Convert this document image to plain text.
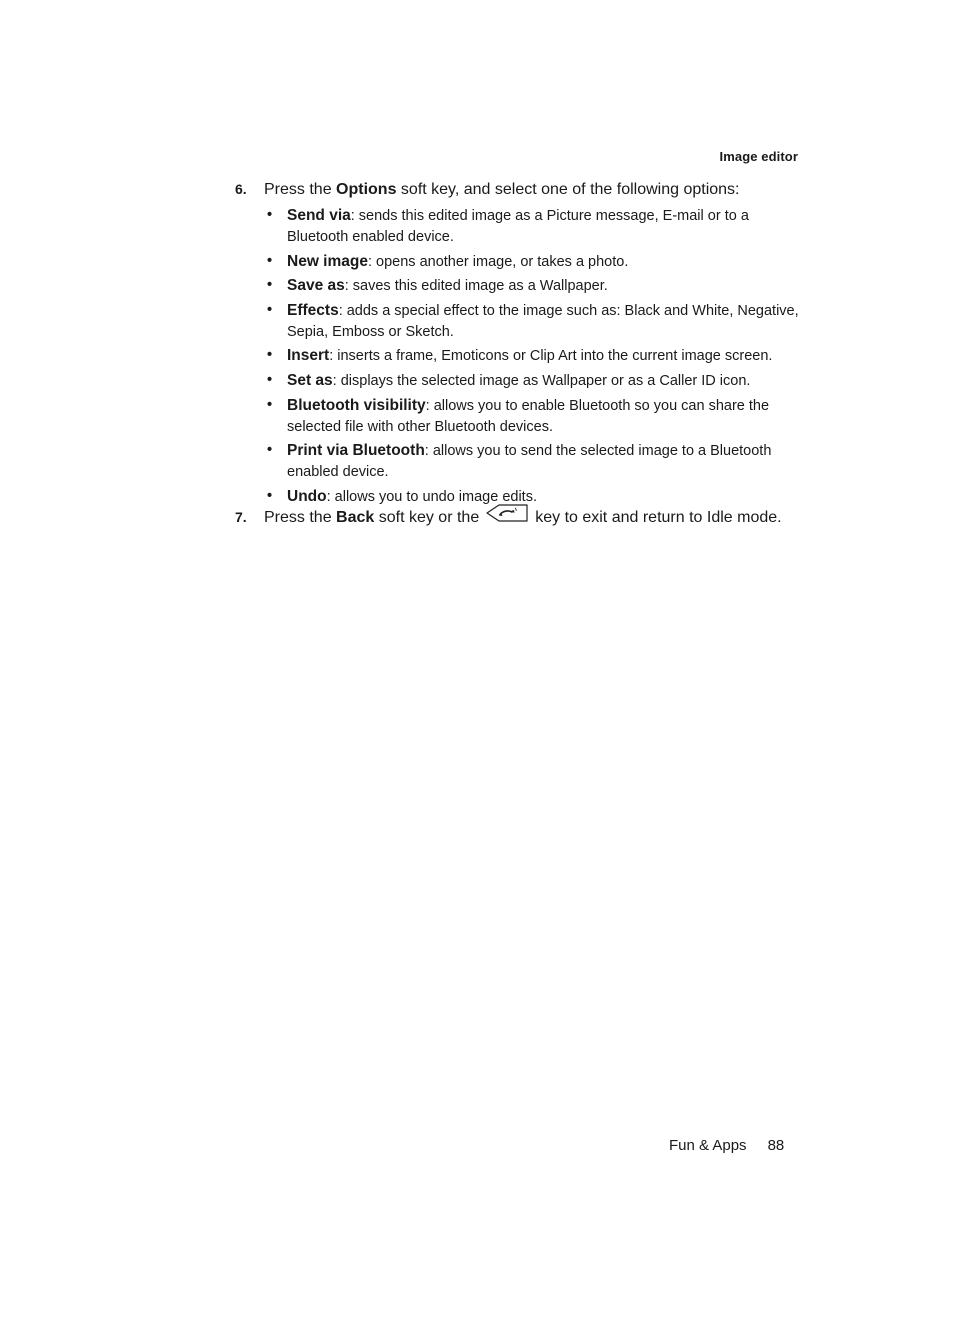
Image editor
6. Press the Options soft key, and select one of the following options:
• Send via: sends this edited image as a Picture message, E-mail or to a Bluetooth enabled device.
• New image: opens another image, or takes a photo.
• Save as: saves this edited image as a Wallpaper.
• Effects: adds a special effect to the image such as: Black and White, Negative, Sepia, Emboss or Sketch.
• Insert: inserts a frame, Emoticons or Clip Art into the current image screen.
• Set as: displays the selected image as Wallpaper or as a Caller ID icon.
• Bluetooth visibility: allows you to enable Bluetooth so you can share the selected file with other Bluetooth devices.
• Print via Bluetooth: allows you to send the selected image to a Bluetooth enabled device.
• Undo: allows you to undo image edits.
7. Press the Back soft key or the	key to exit and return to Idle mode.
Fun & Apps 88
